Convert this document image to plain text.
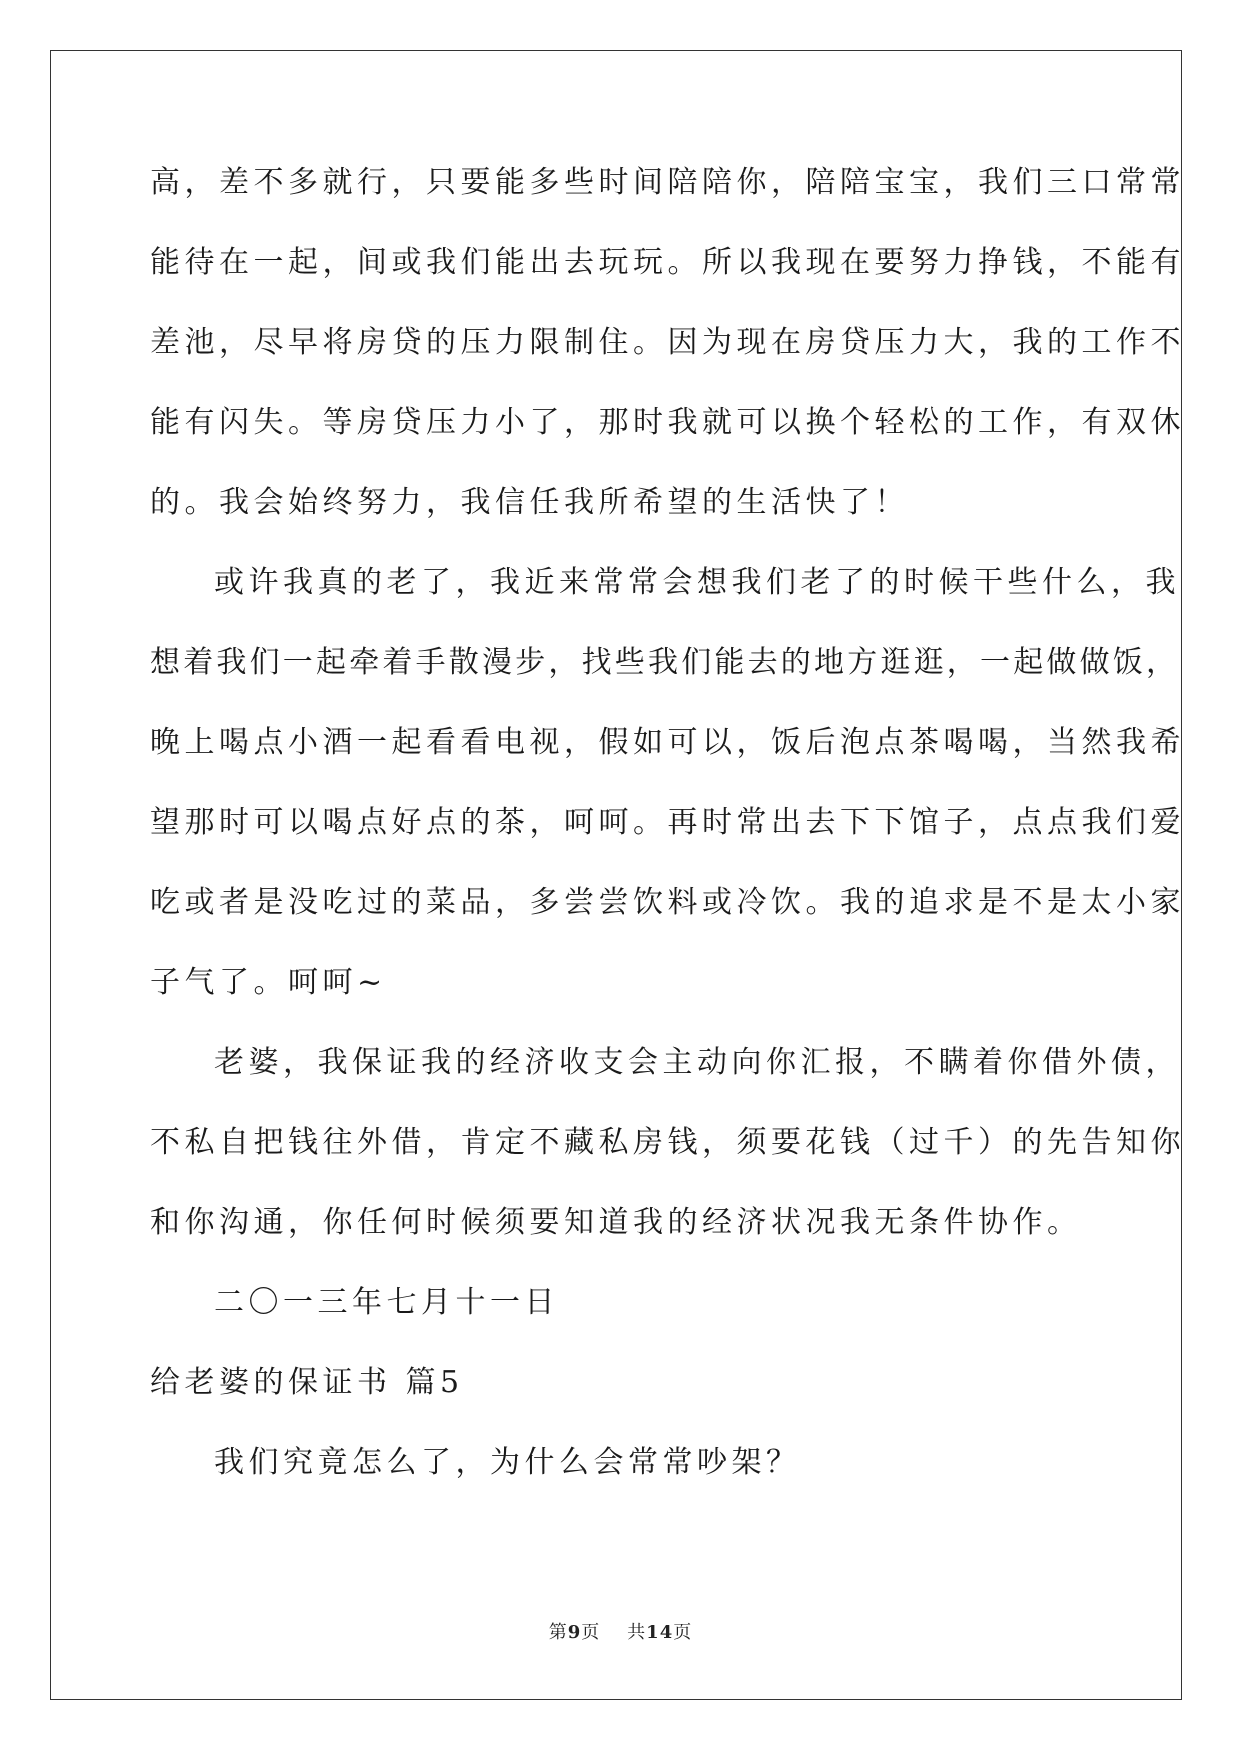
高，差不多就行，只要能多些时间陪陪你，陪陪宝宝，我们三口常常
能待在一起，间或我们能出去玩玩。所以我现在要努力挣钱，不能有
差池，尽早将房贷的压力限制住。因为现在房贷压力大，我的工作不
能有闪失。等房贷压力小了，那时我就可以换个轻松的工作，有双休
的。我会始终努力，我信任我所希望的生活快了！
或许我真的老了，我近来常常会想我们老了的时候干些什么，我
想着我们一起牵着手散漫步，找些我们能去的地方逛逛，一起做做饭，
晚上喝点小酒一起看看电视，假如可以，饭后泡点茶喝喝，当然我希
望那时可以喝点好点的茶，呵呵。再时常出去下下馆子，点点我们爱
吃或者是没吃过的菜品，多尝尝饮料或冷饮。我的追求是不是太小家
子气了。呵呵~
老婆，我保证我的经济收支会主动向你汇报，不瞒着你借外债，
不私自把钱往外借，肯定不藏私房钱，须要花钱（过千）的先告知你
和你沟通，你任何时候须要知道我的经济状况我无条件协作。
二〇一三年七月十一日
给老婆的保证书 篇5
我们究竟怎么了，为什么会常常吵架？
第9页 共14页
